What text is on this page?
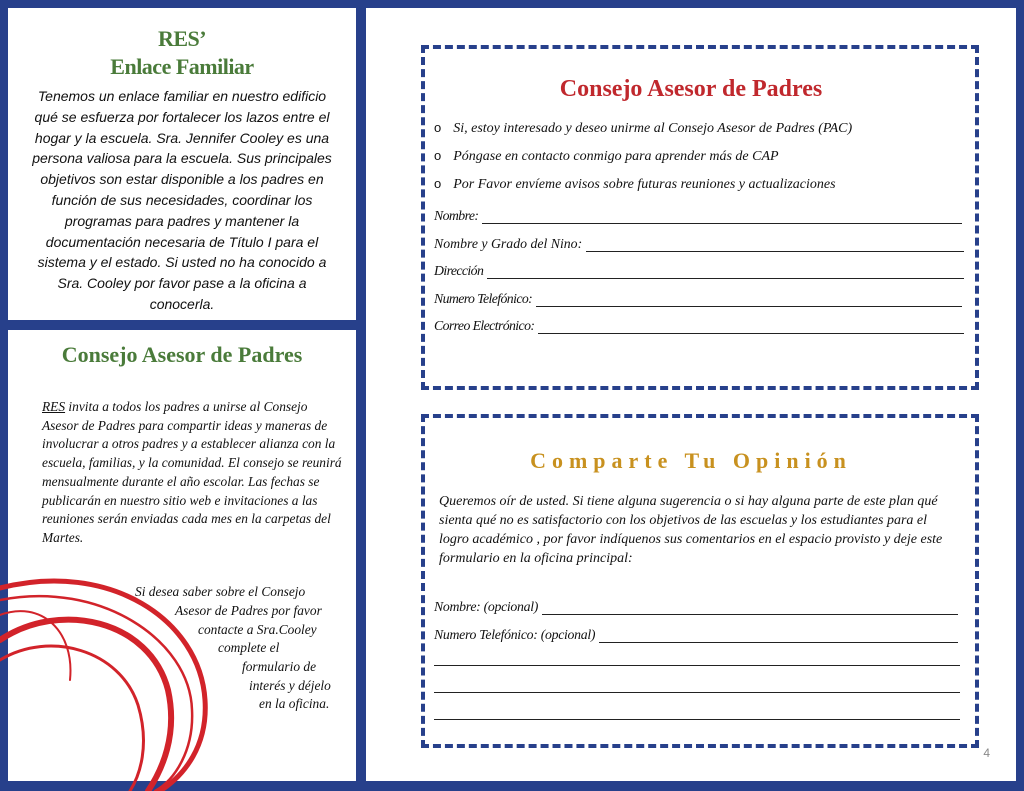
RES’
Enlace Familiar
Tenemos un enlace familiar en nuestro edificio qué se esfuerza por fortalecer los lazos entre el hogar y la escuela. Sra. Jennifer Cooley es una persona valiosa para la escuela. Sus principales objetivos son estar disponible a los padres en función de sus necesidades, coordinar los programas para padres y mantener la documentación necesaria de Título I para el sistema y el estado. Si usted no ha conocido a Sra. Cooley por favor pase a la oficina a conocerla.
Consejo Asesor de Padres
RES invita a todos los padres a unirse al Consejo Asesor de Padres para compartir ideas y maneras de involucrar a otros padres y a establecer alianza con la escuela, familias, y la comunidad. El consejo se reunirá mensualmente durante el año escolar. Las fechas se publicarán en nuestro sitio web e invitaciones a las reuniones serán enviadas cada mes en la carpetas del Martes.
Si desea saber sobre el Consejo
Asesor de Padres por favor
contacte a Sra.Cooley
complete el
formulario de
interés y déjelo
en la oficina.
Consejo Asesor de Padres
o Si, estoy interesado y deseo unirme al Consejo Asesor de Padres (PAC)
o Póngase en contacto conmigo para aprender más de CAP
o Por Favor envíeme avisos sobre futuras reuniones y actualizaciones
Nombre:
Nombre y Grado del Nino:
Dirección
Numero Telefónico:
Correo Electrónico:
Comparte Tu Opinión
Queremos oír de usted. Si tiene alguna sugerencia o si hay alguna parte de este plan qué sienta qué no es satisfactorio con los objetivos de las escuelas y los estudiantes para el logro académico , por favor indíquenos sus comentarios en el espacio provisto y deje este formulario en la oficina principal:
Nombre: (opcional)
Numero Telefónico: (opcional)
4
